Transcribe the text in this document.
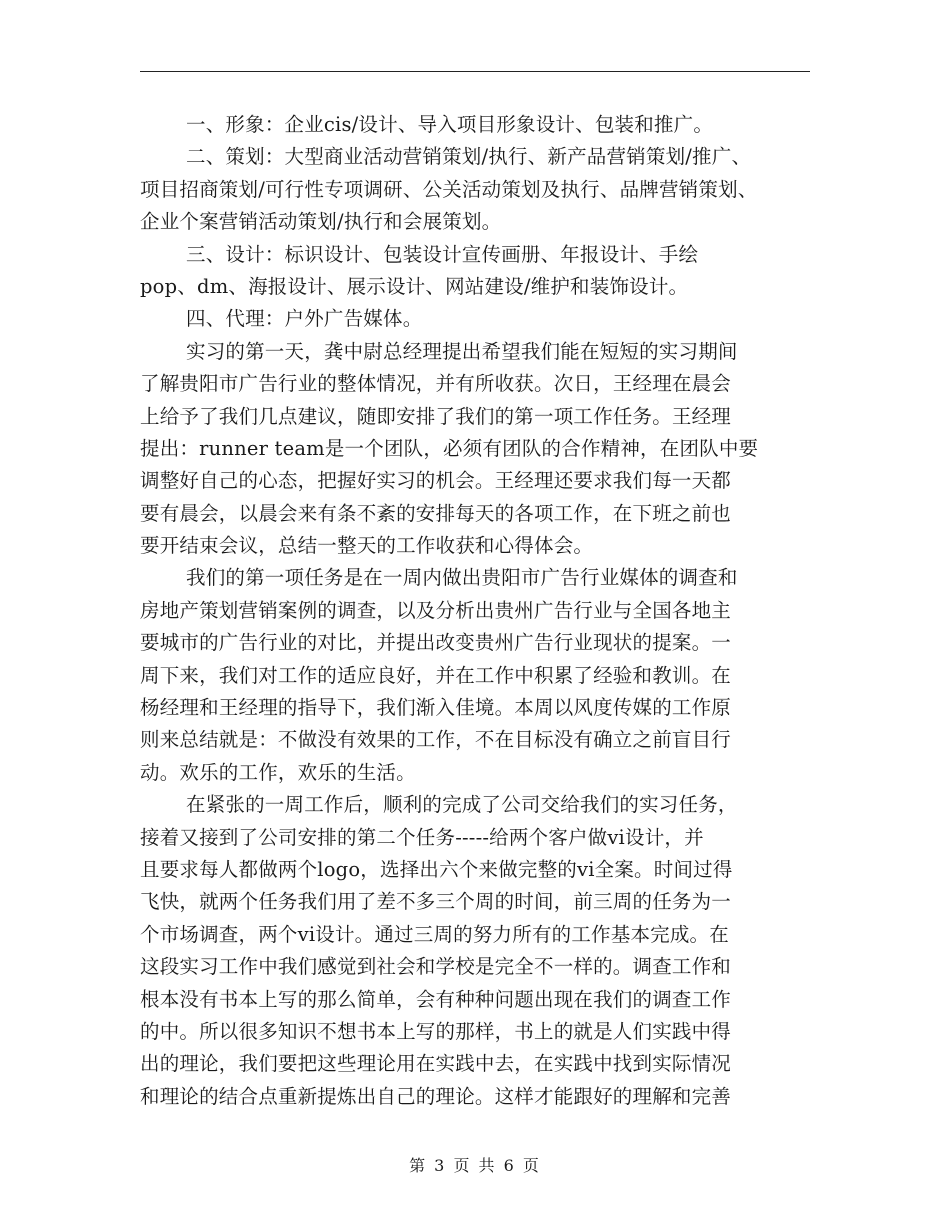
一、形象：企业cis/设计、导入项目形象设计、包装和推广。
二、策划：大型商业活动营销策划/执行、新产品营销策划/推广、
项目招商策划/可行性专项调研、公关活动策划及执行、品牌营销策划、
企业个案营销活动策划/执行和会展策划。
三、设计：标识设计、包装设计宣传画册、年报设计、手绘
pop、dm、海报设计、展示设计、网站建设/维护和装饰设计。
四、代理：户外广告媒体。
实习的第一天，龚中尉总经理提出希望我们能在短短的实习期间
了解贵阳市广告行业的整体情况，并有所收获。次日，王经理在晨会
上给予了我们几点建议，随即安排了我们的第一项工作任务。王经理
提出：runner team是一个团队，必须有团队的合作精神，在团队中要
调整好自己的心态，把握好实习的机会。王经理还要求我们每一天都
要有晨会，以晨会来有条不紊的安排每天的各项工作，在下班之前也
要开结束会议，总结一整天的工作收获和心得体会。
我们的第一项任务是在一周内做出贵阳市广告行业媒体的调查和
房地产策划营销案例的调查，以及分析出贵州广告行业与全国各地主
要城市的广告行业的对比，并提出改变贵州广告行业现状的提案。一
周下来，我们对工作的适应良好，并在工作中积累了经验和教训。在
杨经理和王经理的指导下，我们渐入佳境。本周以风度传媒的工作原
则来总结就是：不做没有效果的工作，不在目标没有确立之前盲目行
动。欢乐的工作，欢乐的生活。
在紧张的一周工作后，顺利的完成了公司交给我们的实习任务，
接着又接到了公司安排的第二个任务-----给两个客户做vi设计，并
且要求每人都做两个logo，选择出六个来做完整的vi全案。时间过得
飞快，就两个任务我们用了差不多三个周的时间，前三周的任务为一
个市场调查，两个vi设计。通过三周的努力所有的工作基本完成。在
这段实习工作中我们感觉到社会和学校是完全不一样的。调查工作和
根本没有书本上写的那么简单，会有种种问题出现在我们的调查工作
的中。所以很多知识不想书本上写的那样，书上的就是人们实践中得
出的理论，我们要把这些理论用在实践中去，在实践中找到实际情况
和理论的结合点重新提炼出自己的理论。这样才能跟好的理解和完善
第 3 页 共 6 页
